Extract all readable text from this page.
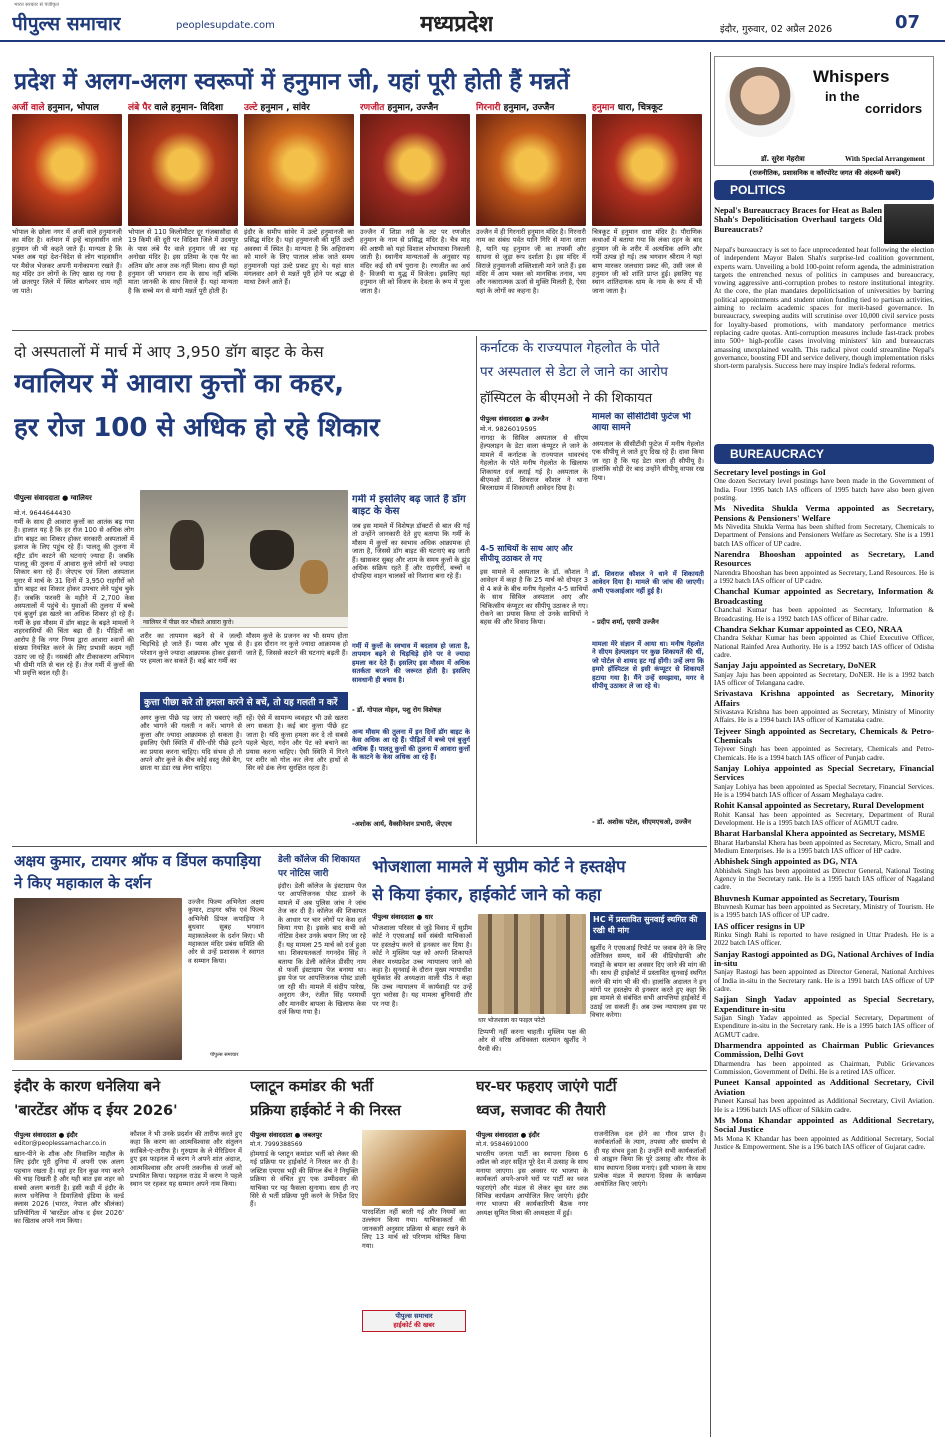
भारत सरकार से पंजीकृत
पीपुल्स समाचार	peoplesupdate.com	मध्यप्रदेश	इंदौर, गुरुवार, 02 अप्रैल 2026	07
प्रदेश में अलग-अलग स्वरूपों में हनुमान जी, यहां पूरी होती हैं मन्नतें
अर्जी वाले हनुमान, भोपाल
भोपाल के छोला नगर में अर्जी वाले हनुमानजी का मंदिर है। वर्तमान में इन्हें चाहवासीन वाले हनुमान जी भी कहते जाते हैं। मान्यता है कि भक्त अब यहां देश-विदेश से लोग चाहवासीन पर मैसेज भेजकर अपनी मनोकामना रखते हैं। यह मंदिर उन लोगों के लिए खास रह गया है जो छतरपुर जिले में स्थित बागेश्वर धाम नहीं जा पाते।
लंबे पैर वाले हनुमान- विदिशा
भोपाल से 110 किलोमीटर दूर गंजबासौदा से 19 किमी की दूरी पर विदिशा जिले में उदयपुर के पास लंबे पैर वाले हनुमान जी का यह अनोखा मंदिर है। इस प्रतिमा के एक पैर का अंतिम छोर आज तक नहीं मिला। साथ ही यहां हनुमान जी भगवान राम के साथ नहीं बल्कि माता जानकी के साथ विराजे हैं। यहां मान्यता है कि सच्चे मन से मांगी मन्नतें पूरी होती हैं।
उल्टे हनुमान , सांवेर
इंदौर के समीप सांवेर में उल्टे हनुमानजी का प्रसिद्ध मंदिर है। यहां हनुमानजी की मूर्ति उल्टी अवस्था में स्थित है। मान्यता है कि अहिरावण को मारने के लिए पाताल लोक जाते समय हनुमानजी यहां उल्टे प्रकट हुए थे। यहां सात मंगलवार आने से मन्नतें पूरी होने पर श्रद्धा से माथा टेकने आते हैं।
रणजीत हनुमान, उज्जैन
उज्जैन में शिप्रा नदी के तट पर रणजीत हनुमान के नाम से प्रसिद्ध मंदिर है। चैत्र माह की अष्टमी को यहां विशाल शोभायात्रा निकाली जाती है। स्थानीय मान्यताओं के अनुसार यह मंदिर कई सौ वर्ष पुराना है। रणजीत का अर्थ है- विजयी या युद्ध में विजेता। इसलिए यहां हनुमान जी को विजय के देवता के रूप में पूजा जाता है।
गिरनारी हनुमान, उज्जैन
उज्जैन में ही गिरनारी हनुमान मंदिर है। गिरनारी नाम का संबंध पर्वत यानि गिरि से माना जाता है, यानि यह हनुमान जी का तपस्वी और साधना से जुड़ा रूप दर्शाता है। इस मंदिर में विराजे हनुमानजी शक्तिशाली माने जाते हैं। इस मंदिर में आम भक्त को मानसिक तनाव, भय और नकारात्मक ऊर्जा से मुक्ति मिलती है, ऐसा यहां के लोगों का कहना है।
हनुमान धारा, चित्रकूट
चित्रकूट में हनुमान धारा मंदिर है। पौराणिक कथाओं में बताया गया कि लंका दहन के बाद हनुमान जी के शरीर में अत्यधिक अग्नि और गर्मी उत्पन्न हो गई। तब भगवान श्रीराम ने यहां बाण मारकर जलधारा प्रकट की, उसी जल से हनुमान जी को शांति प्राप्त हुई। इसलिए यह स्थान शांतिदायक धाम के नाम के रूप में भी जाना जाता है।
दो अस्पतालों में मार्च में आए 3,950 डॉग बाइट के केस
ग्वालियर में आवारा कुत्तों का कहर,
हर रोज 100 से अधिक हो रहे शिकार
पीपुल्स संवाददाता ● ग्वालियर
मो.नं. 9644644430
गर्मी के साथ ही आवारा कुत्तों का आतंक बढ़ गया है। हालात यह है कि हर रोज 100 से अधिक लोग डॉग बाइट का शिकार होकर सरकारी अस्पतालों में इलाज के लिए पहुंच रहे हैं। पालतू की तुलना में स्ट्रीट डॉग काटने की घटनाएं ज्यादा हैं। जबकि पालतू की तुलना में आवारा कुत्ते लोगों को ज्यादा शिकार बना रहे हैं। जेएएच एवं जिला अस्पताल मुरार में मार्च के 31 दिनों में 3,950 राहगीरों को डॉग बाइट का शिकार होकर उपचार लेने पहुंच चुके हैं। जबकि फरवरी के महीने में 2,700 केस अस्पतालों में पहुंचे थे। युवाओं की तुलना में बच्चे एवं बुजुर्ग इस खतरे का अधिक शिकार हो रहे हैं। गर्मी के इस मौसम में डॉग बाइट के बढ़ते मामलों ने शहरवासियों की चिंता बढ़ा दी है। पीड़ितों का आरोप है कि नगर निगम द्वारा आवारा श्वानों की संख्या नियंत्रित करने के लिए प्रभावी कदम नहीं उठाए जा रहे हैं। नसबंदी और टीकाकरण अभियान भी धीमी गति से चल रहे हैं। तेज गर्मी में कुत्तों की भी प्रवृत्ति बदल रही है।
ग्वालियर में पीछा कर भौंकते आवारा कुत्ते।
शरीर का तापमान बढ़ने से वे जल्दी चिड़चिड़े हो जाते हैं। प्यास और भूख से परेशान कुत्ते ज्यादा आक्रामक होकर इंसानों पर हमला कर सकते हैं। कई बार गर्मी का
मौसम कुत्ते के प्रजनन का भी समय होता है। इस दौरान नर कुत्ते ज्यादा आक्रामक हो जाते हैं, जिससे काटने की घटनाएं बढ़ती हैं।
कुत्ता पीछा करे तो हमला करने से बचें, तो यह गलती न करें
अगर कुत्ता पीछे पड़ जाए तो घबराएं नहीं और भागने की गलती न करें। भागने से कुत्ता और ज्यादा आक्रामक हो सकता है। इसलिए ऐसी स्थिति में धीरे-धीरे पीछे हटने का प्रयास करना चाहिए। यदि संभव हो तो अपने और कुत्ते के बीच कोई वस्तु जैसे बैग, छाता या डंडा रख लेना चाहिए।
रहें। ऐसे में सामान्य व्यवहार भी उसे खतरा लग सकता है। कई बार कुत्ता पीछे हट जाता है। यदि कुत्ता हमला कर दे तो सबसे पहले चेहरा, गर्दन और पेट को बचाने का प्रयास करना चाहिए। ऐसी स्थिति में गिरने पर शरीर को गोल कर लेना और हाथों से सिर को ढंक लेना सुरक्षित रहता है।
गर्मी में इसलिए बढ़ जाते हैं डॉग बाइट के केस
जब इस मामले में विशेषज्ञ डॉक्टरों से बात की गई तो उन्होंने जानकारी देते हुए बताया कि गर्मी के मौसम में कुत्तों का स्वभाव अधिक आक्रामक हो जाता है, जिससे डॉग बाइट की घटनाएं बढ़ जाती हैं। खासकर सुबह और शाम के समय कुत्तों के झुंड अधिक सक्रिय रहते हैं और राहगीरों, बच्चों व दोपहिया वाहन चालकों को निशाना बना रहे हैं।
गर्मी में कुत्तों के स्वभाव में बदलाव हो जाता है, तापमान बढ़ने से चिड़चिड़े होने पर वे ज्यादा हमला कर देते हैं। इसलिए इस मौसम में अधिक सतर्कता बरतने की जरूरत होती है। इसलिए सावधानी ही बचाव है।
- डॉ. गोपाल मोहन, पशु रोग विशेषज्ञ
अन्य मौसम की तुलना में इन दिनों डॉग बाइट के केस अधिक आ रहे हैं। पीड़ितों में बच्चे एवं बुजुर्ग अधिक हैं। पालतू कुत्तों की तुलना में आवारा कुत्तों के काटने के केस अधिक आ रहे हैं।
-अशोक आर्य, वैक्सीनेशन प्रभारी, जेएएच
कर्नाटक के राज्यपाल गेहलोत के पोते
पर अस्पताल से डेटा ले जाने का आरोप
हॉस्पिटल के बीएमओ ने की शिकायत
पीपुल्स संवाददाता ● उज्जैन
मो.नं. 9826019595
नागदा के सिविल अस्पताल से सीएम हेल्पलाइन के डेटा वाला कंप्यूटर ले जाने के मामले में कर्नाटक के राज्यपाल थावरचंद गेहलोत के पोते मनीष गेहलोत के खिलाफ शिकायत दर्ज कराई गई है। अस्पताल के बीएमओ डॉ. शिवराज कौशल ने थाना बिरलाग्राम में शिकायती आवेदन दिया है।
4-5 साथियों के साथ आए और सीपीयू उठाकर ले गए
इस मामले में अस्पताल के डॉ. कौशल ने आवेदन में कहा है कि 25 मार्च को दोपहर 3 से 4 बजे के बीच मनीष गेहलोत 4-5 साथियों के साथ सिविल अस्पताल आए और चिकित्सीय कंप्यूटर का सीपीयू उठाकर ले गए। रोकने का प्रयास किया तो उनके साथियों ने बहस की और विवाद किया।
मामले का सीसीटीवी फुटेज भी आया सामने
अस्पताल के सीसीटीवी फुटेज में मनीष गेहलोत एक सीपीयू ले जाते हुए दिख रहे हैं। दावा किया जा रहा है कि यह डेटा वाला ही सीपीयू है। हालांकि थोड़ी देर बाद उन्होंने सीपीयू वापस रख दिया।
डॉ. शिवराज कौशल ने थाने में शिकायती आवेदन दिया है। मामले की जांच की जाएगी। अभी एफआईआर नहीं हुई है।
- प्रदीप शर्मा, एसपी उज्जैन
मामला मेरे संज्ञान में आया था। मनीष गेहलोत ने सीएम हेल्पलाइन पर कुछ शिकायतें की थीं, जो पोर्टल से शायद हट गई होंगी। उन्हें लगा कि हमारे हॉस्पिटल से इसी कंप्यूटर से शिकायतें हटाया गया है। मैंने उन्हें समझाया, मगर वे सीपीयू उठाकर ले जा रहे थे।
- डॉ. अशोक पटेल, सीएमएचओ, उज्जैन
अक्षय कुमार, टायगर श्रॉफ व डिंपल कपाड़िया ने किए महाकाल के दर्शन
उज्जैन फिल्म अभिनेता अक्षय कुमार, टाइगर श्रॉफ एवं फिल्म अभिनेत्री डिंपल कपाड़िया ने बुधवार सुबह भगवान महाकालेश्वर के दर्शन किए। भी महाकाल मंदिर प्रबंध समिति की ओर से उन्हें प्रशासक ने स्वागत व सम्मान किया।
पीपुल्स समाचार
डेली कॉलेज की शिकायत
पर नोटिस जारी
इंदौर। डेली कॉलेज के इंस्टाग्राम पेज पर आपत्तिजनक पोस्ट डालने के मामले में अब पुलिस जांच ने जांच तेज कर दी है। कॉलेज की शिकायत के आधार पर चार लोगों पर केस दर्ज किया गया है। इसके बाद सभी को नोटिस देकर उनके बयान लिए जा रहे हैं। यह मामला 25 मार्च को दर्ज हुआ था। शिकायतकर्ता गगनदेव सिंह ने बताया कि डेली कॉलेज डीसीए नाम से फर्जी इंस्टाग्राम पेज बनाया था। इस पेज पर आपत्तिजनक पोस्ट डाली जा रही थी। मामले में संदीप पारेख, अनुराग जैन, रंजीत सिंह परमार्थी और मानवीर बापला के खिलाफ केस दर्ज किया गया है।
भोजशाला मामले में सुप्रीम कोर्ट ने हस्तक्षेप
से किया इंकार, हाईकोर्ट जाने को कहा
पीपुल्स संवाददाता ● धार
भोजशाला परिसर से जुड़े विवाद में सुप्रीम कोर्ट ने एएसआई सर्वे संबंधी याचिकाओं पर हस्तक्षेप करने से इनकार कर दिया है। कोर्ट ने मुस्लिम पक्ष को अपनी शिकायतें लेकर मध्यप्रदेश उच्च न्यायालय जाने को कहा है। सुनवाई के दौरान मुख्य न्यायाधीश सूर्यकांत की अध्यक्षता वाली पीठ ने कहा कि उच्च न्यायालय में कार्यवाही पर उन्हें पूरा भरोसा है। यह मामला बुनियादी तौर पर नया है।
धार भोजशाला का फाइल फोटो
टिप्पणी नहीं करना चाहती। मुस्लिम पक्ष की ओर से वरिष्ठ अधिवक्ता सलमान खुर्शीद ने पैरवी की।
HC में प्रस्तावित सुनवाई स्थगित की रखी थी मांग
खुर्शीद ने एएसआई रिपोर्ट पर जवाब देने के लिए अतिरिक्त समय, सर्वे की वीडियोग्राफी और गवाहों के बयान का अवसर दिए जाने की मांग की थी। साथ ही हाईकोर्ट में प्रस्तावित सुनवाई स्थगित करने की मांग भी की थी। हालांकि अदालत ने इन मांगों पर हस्तक्षेप से इनकार करते हुए कहा कि इस मामले से संबंधित सभी आपत्तियां हाईकोर्ट में उठाई जा सकती हैं। अब उच्च न्यायालय इस पर विचार करेगा।
इंदौर के कारण धनेलिया बने
'बारटेंडर ऑफ द ईयर 2026'
पीपुल्स संवाददाता ● इंदौर
editor@peoplessamachar.co.in
खान-पीने के शौक और निवालिन माहौल के लिए इंदौर पूरी दुनिया में अपनी एक अलग पहचान रखता है। यहां हर दिन कुछ नया करने की चाह दिखती है और यही बात इस शहर को सबसे अलग बनाती है। इसी कड़ी में इंदौर के करण धनेलिया ने डियाजियो इंडिया के वर्ल्ड क्लास 2026 (भारत, नेपाल और श्रीलंका) प्रतियोगिता में 'बारटेंडर ऑफ द ईयर 2026' का खिताब अपने नाम किया।
कौशल ने भी उनके प्रदर्शन की तारीफ करते हुए कहा कि करण का आत्मविश्वास और संतुलन काबिले-ए-तारीफ है। गुरुग्राम के ले मेरिडियन में हुए इस फाइनल में करण ने अपने शांत अंदाज, आत्मविश्वास और अपनी तकनीक से जजों को प्रभावित किया। फाइनल राउंड में करण ने पहले स्थान पर रहकर यह सम्मान अपने नाम किया।
प्लाटून कमांडर की भर्ती
प्रक्रिया हाईकोर्ट ने की निरस्त
पीपुल्स संवाददाता ● जबलपुर
मो.नं. 7999388569
होमगार्ड के प्लाटून कमांडर भर्ती को लेकर की गई प्रक्रिया पर हाईकोर्ट ने निरस्त कर दी है। जस्टिस एमएस भट्टी की सिंगल बेंच ने नियुक्ति प्रक्रिया से वंचित हुए एक उम्मीदवार की याचिका पर यह फैसला सुनाया। साथ ही नए सिरे से भर्ती प्रक्रिया पूरी करने के निर्देश दिए हैं।
पारदर्शिता नहीं बरती गई और नियमों का उल्लंघन किया गया। याचिकाकर्ता की जानकारी अनुसार प्रक्रिया से बाहर रखने के लिए 13 मार्च को परिणाम घोषित किया गया।
पीपुल्स समाचार
हाईकोर्ट की खबर
घर-घर फहराए जाएंगे पार्टी
ध्वज, सजावट की तैयारी
पीपुल्स संवाददाता ● इंदौर
मो.नं. 9584691000
भारतीय जनता पार्टी का स्थापना दिवस 6 अप्रैल को शहर सहित पूरे देश में उत्साह के साथ मनाया जाएगा। इस अवसर पर भाजपा के कार्यकर्ता अपने-अपने घरों पर पार्टी का ध्वज फहराएंगे और मंडल से लेकर बूथ स्तर तक विभिन्न कार्यक्रम आयोजित किए जाएंगे। इंदौर नगर भाजपा की कार्यकारिणी बैठक नगर अध्यक्ष सुमित मिश्रा की अध्यक्षता में हुई।
राजनीतिक दल होने का गौरव प्राप्त है। कार्यकर्ताओं के त्याग, तपस्या और समर्पण से ही यह संभव हुआ है। उन्होंने सभी कार्यकर्ताओं से आह्वान किया कि पूरे उत्साह और गौरव के साथ स्थापना दिवस मनाएं। इसी भावना के साथ प्रत्येक मंडल में स्थापना दिवस के कार्यक्रम आयोजित किए जाएंगे।
Whispers
in the
corridors
डॉ. सुरेश मेहरोत्रा	With Special Arrangement
(राजनीतिक, प्रशासनिक व कॉरपोरेट जगत की अंदरूनी खबरें)
POLITICS
Nepal's Bureaucracy Braces for Heat as Balen Shah's Depoliticisation Overhaul targets Old Bureaucrats?
Nepal's bureaucracy is set to face unprecedented heat following the election of independent Mayor Balen Shah's surprise-led coalition government, experts warn. Unveiling a bold 100-point reform agenda, the administration targets the entrenched nexus of politics in campuses and bureaucracy, vowing aggressive anti-corruption probes to restore institutional integrity. At the core, the plan mandates depoliticisation of universities by barring political appointments and student union funding tied to partisan activities, aiming to reclaim academic spaces for merit-based governance. In bureaucracy, sweeping audits will scrutinise over 10,000 civil service posts for loyalty-based promotions, with mandatory performance metrics replacing cadre quotas. Anti-corruption measures include fast-track probes into 500+ high-profile cases involving ministers' kin and bureaucrats amassing unexplained wealth. This radical pivot could streamline Nepal's governance, boosting FDI and service delivery, though implementation risks short-term paralysis. Success here may inspire India's federal reforms.
BUREAUCRACY
Secretary level postings in GoI
One dozen Secretary level postings have been made in the Government of India. Four 1995 batch IAS officers of 1995 batch have also been given posting.
Ms Nivedita Shukla Verma appointed as Secretary, Pensions & Pensioners' Welfare
Ms Nivedita Shukla Verma has been shifted from Secretary, Chemicals to Department of Pensions and Pensioners Welfare as Secretary. She is a 1991 batch IAS officer of UP cadre.
Narendra Bhooshan appointed as Secretary, Land Resources
Narendra Bhooshan has been appointed as Secretary, Land Resources. He is a 1992 batch IAS officer of UP cadre.
Chanchal Kumar appointed as Secretary, Information & Broadcasting
Chanchal Kumar has been appointed as Secretary, Information & Broadcasting. He is a 1992 batch IAS officer of Bihar cadre.
Chandra Sekhar Kumar appointed as CEO, NRAA
Chandra Sekhar Kumar has been appointed as Chief Executive Officer, National Rainfed Area Authority. He is a 1992 batch IAS officer of Odisha cadre.
Sanjay Jaju appointed as Secretary, DoNER
Sanjay Jaju has been appointed as Secretary, DoNER. He is a 1992 batch IAS officer of Telangana cadre.
Srivastava Krishna appointed as Secretary, Minority Affairs
Srivastava Krishna has been appointed as Secretary, Ministry of Minority Affairs. He is a 1994 batch IAS officer of Karnataka cadre.
Tejveer Singh appointed as Secretary, Chemicals & Petro-Chemicals
Tejveer Singh has been appointed as Secretary, Chemicals and Petro-Chemicals. He is a 1994 batch IAS officer of Punjab cadre.
Sanjay Lohiya appointed as Special Secretary, Financial Services
Sanjay Lohiya has been appointed as Special Secretary, Financial Services. He is a 1994 batch IAS officer of Assam Meghalaya cadre.
Rohit Kansal appointed as Secretary, Rural Development
Rohit Kansal has been appointed as Secretary, Department of Rural Development. He is a 1995 batch IAS officer of AGMUT cadre.
Bharat Harbanslal Khera appointed as Secretary, MSME
Bharat Harbanslal Khera has been appointed as Secretary, Micro, Small and Medium Enterprises. He is a 1995 batch IAS officer of HP cadre.
Abhishek Singh appointed as DG, NTA
Abhishek Singh has been appointed as Director General, National Testing Agency in the Secretary rank. He is a 1995 batch IAS officer of Nagaland cadre.
Bhuvnesh Kumar appointed as Secretary, Tourism
Bhuvnesh Kumar has been appointed as Secretary, Ministry of Tourism. He is a 1995 batch IAS officer of UP cadre.
IAS officer resigns in UP
Rinku Singh Rahi is reported to have resigned in Uttar Pradesh. He is a 2022 batch IAS officer.
Sanjay Rastogi appointed as DG, National Archives of India in-situ
Sanjay Rastogi has been appointed as Director General, National Archives of India in-situ in the Secretary rank. He is a 1991 batch IAS officer of UP cadre.
Sajjan Singh Yadav appointed as Special Secretary, Expenditure in-situ
Sajjan Singh Yadav appointed as Special Secretary, Department of Expenditure in-situ in the Secretary rank. He is a 1995 batch IAS officer of AGMUT cadre.
Dharmendra appointed as Chairman Public Grievances Commission, Delhi Govt
Dharmendra has been appointed as Chairman, Public Grievances Commission, Government of Delhi. He is a retired IAS officer.
Puneet Kansal appointed as Additional Secretary, Civil Aviation
Puneet Kansal has been appointed as Additional Secretary, Civil Aviation. He is a 1996 batch IAS officer of Sikkim cadre.
Ms Mona Khandar appointed as Additional Secretary, Social Justice
Ms Mona K Khandar has been appointed as Additional Secretary, Social Justice & Empowerment. She is a 196 batch IAS officer of Gujarat cadre.
